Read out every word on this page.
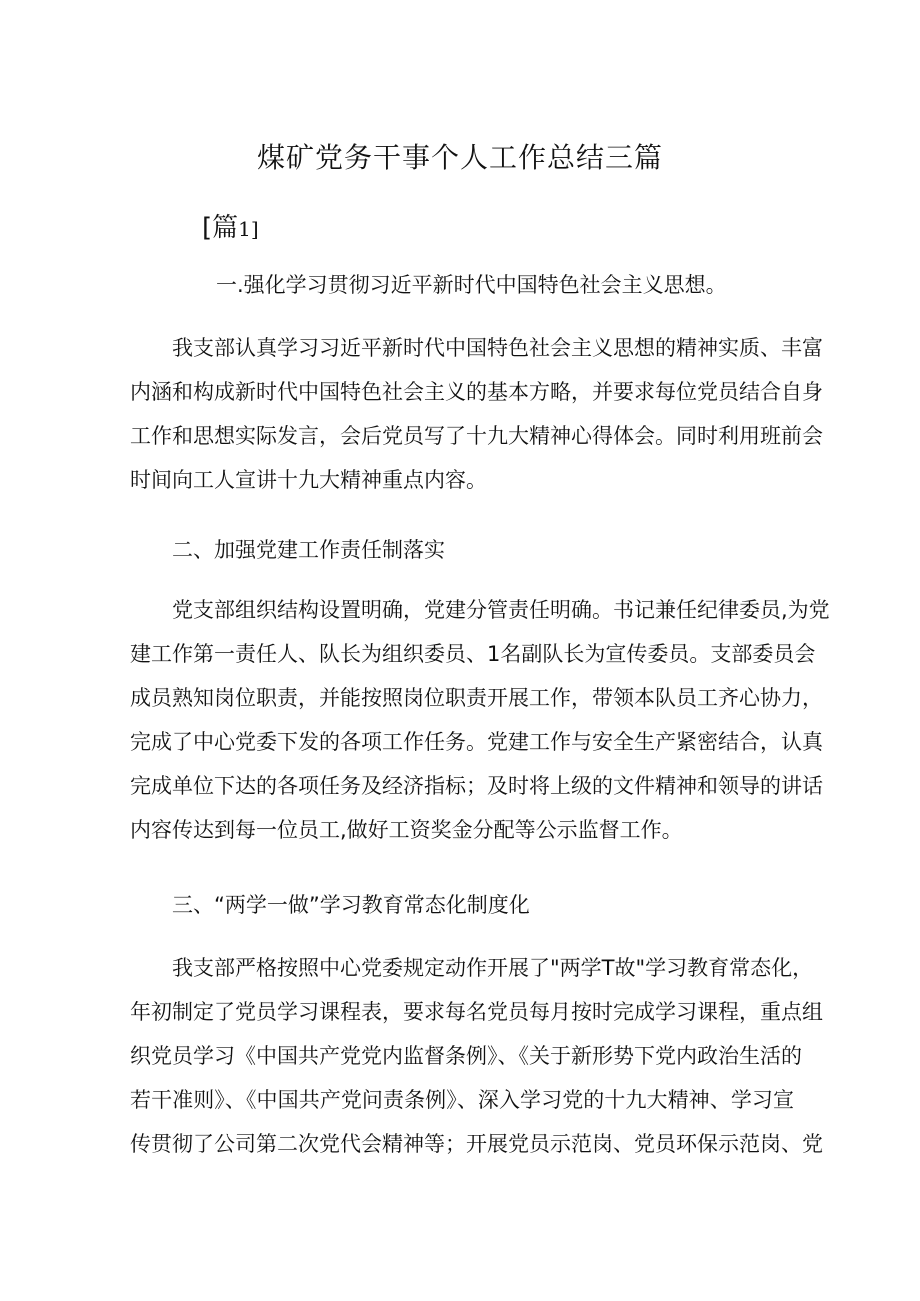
煤矿党务干事个人工作总结三篇
[篇1]
一.强化学习贯彻习近平新时代中国特色社会主义思想。
我支部认真学习习近平新时代中国特色社会主义思想的精神实质、丰富
内涵和构成新时代中国特色社会主义的基本方略，并要求每位党员结合自身
工作和思想实际发言，会后党员写了十九大精神心得体会。同时利用班前会
时间向工人宣讲十九大精神重点内容。
二、加强党建工作责任制落实
党支部组织结构设置明确，党建分管责任明确。书记兼任纪律委员,为党
建工作第一责任人、队长为组织委员、1名副队长为宣传委员。支部委员会
成员熟知岗位职责，并能按照岗位职责开展工作，带领本队员工齐心协力，
完成了中心党委下发的各项工作任务。党建工作与安全生产紧密结合，认真
完成单位下达的各项任务及经济指标；及时将上级的文件精神和领导的讲话
内容传达到每一位员工,做好工资奖金分配等公示监督工作。
三、“两学一做”学习教育常态化制度化
我支部严格按照中心党委规定动作开展了"两学T故"学习教育常态化，
年初制定了党员学习课程表，要求每名党员每月按时完成学习课程，重点组
织党员学习《中国共产党党内监督条例》、《关于新形势下党内政治生活的
若干准则》、《中国共产党问责条例》、深入学习党的十九大精神、学习宣
传贯彻了公司第二次党代会精神等；开展党员示范岗、党员环保示范岗、党
